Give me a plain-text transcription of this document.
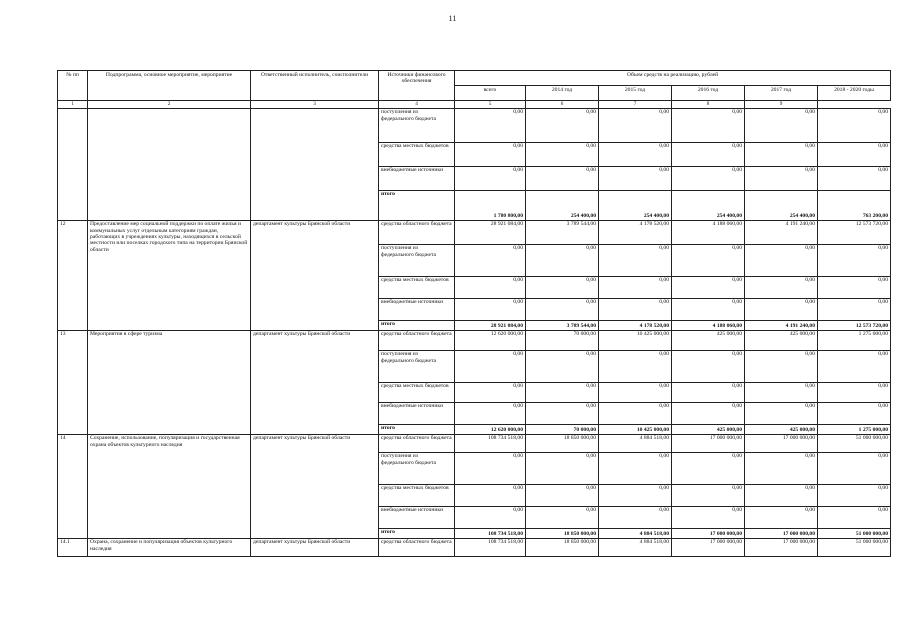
11
№ пп	Подпрограмма, основное мероприятие, мероприятие	Ответственный исполнитель, соисполнители	Источники финансового обеспечения	Объем средств на реализацию, рублей					
				всего	2014 год	2015 год	2016 год	2017 год	2018 - 2020 годы
1	2	3	4	5	6	7	8	9	
			поступления из федерального бюджета	0,00	0,00	0,00	0,00	0,00	0,00
			средства местных бюджетов	0,00	0,00	0,00	0,00	0,00	0,00
			внебюджетные источники	0,00	0,00	0,00	0,00	0,00	0,00
			итого	1 780 800,00	254 400,00	254 400,00	254 400,00	254 400,00	763 200,00
12	Предоставление мер социальной поддержки по оплате жилья и коммунальных услуг отдельным категориям граждан, работающих в учреждениях культуры, находящихся в сельской местности или поселках городского типа на территории Брянской области	департамент культуры Брянской области	средства областного бюджета	28 921 084,00	3 789 544,00	4 178 520,00	4 188 060,00	4 191 240,00	12 573 720,00
			поступления из федерального бюджета	0,00	0,00	0,00	0,00	0,00	0,00
			средства местных бюджетов	0,00	0,00	0,00	0,00	0,00	0,00
			внебюджетные источники	0,00	0,00	0,00	0,00	0,00	0,00
			итого	28 921 084,00	3 789 544,00	4 178 520,00	4 188 060,00	4 191 240,00	12 573 720,00
13	Мероприятия в сфере туризма	департамент культуры Брянской области	средства областного бюджета	12 620 000,00	70 000,00	10 425 000,00	425 000,00	425 000,00	1 275 000,00
			поступления из федерального бюджета	0,00	0,00	0,00	0,00	0,00	0,00
			средства местных бюджетов	0,00	0,00	0,00	0,00	0,00	0,00
			внебюджетные источники	0,00	0,00	0,00	0,00	0,00	0,00
			итого	12 620 000,00	70 000,00	10 425 000,00	425 000,00	425 000,00	1 275 000,00
14	Сохранение, использование, популяризация и государственная охрана объектов культурного наследия	департамент культуры Брянской области	средства областного бюджета	108 734 518,00	18 850 000,00	4 884 518,00	17 000 000,00	17 000 000,00	51 000 000,00
			поступления из федерального бюджета	0,00	0,00	0,00	0,00	0,00	0,00
			средства местных бюджетов	0,00	0,00	0,00	0,00	0,00	0,00
			внебюджетные источники	0,00	0,00	0,00	0,00	0,00	0,00
			итого	108 734 518,00	18 850 000,00	4 884 518,00	17 000 000,00	17 000 000,00	51 000 000,00
14.1	Охрана, сохранение и популяризация объектов культурного наследия	департамент культуры Брянской области	средства областного бюджета	108 734 518,00	18 850 000,00	4 884 518,00	17 000 000,00	17 000 000,00	51 000 000,00
